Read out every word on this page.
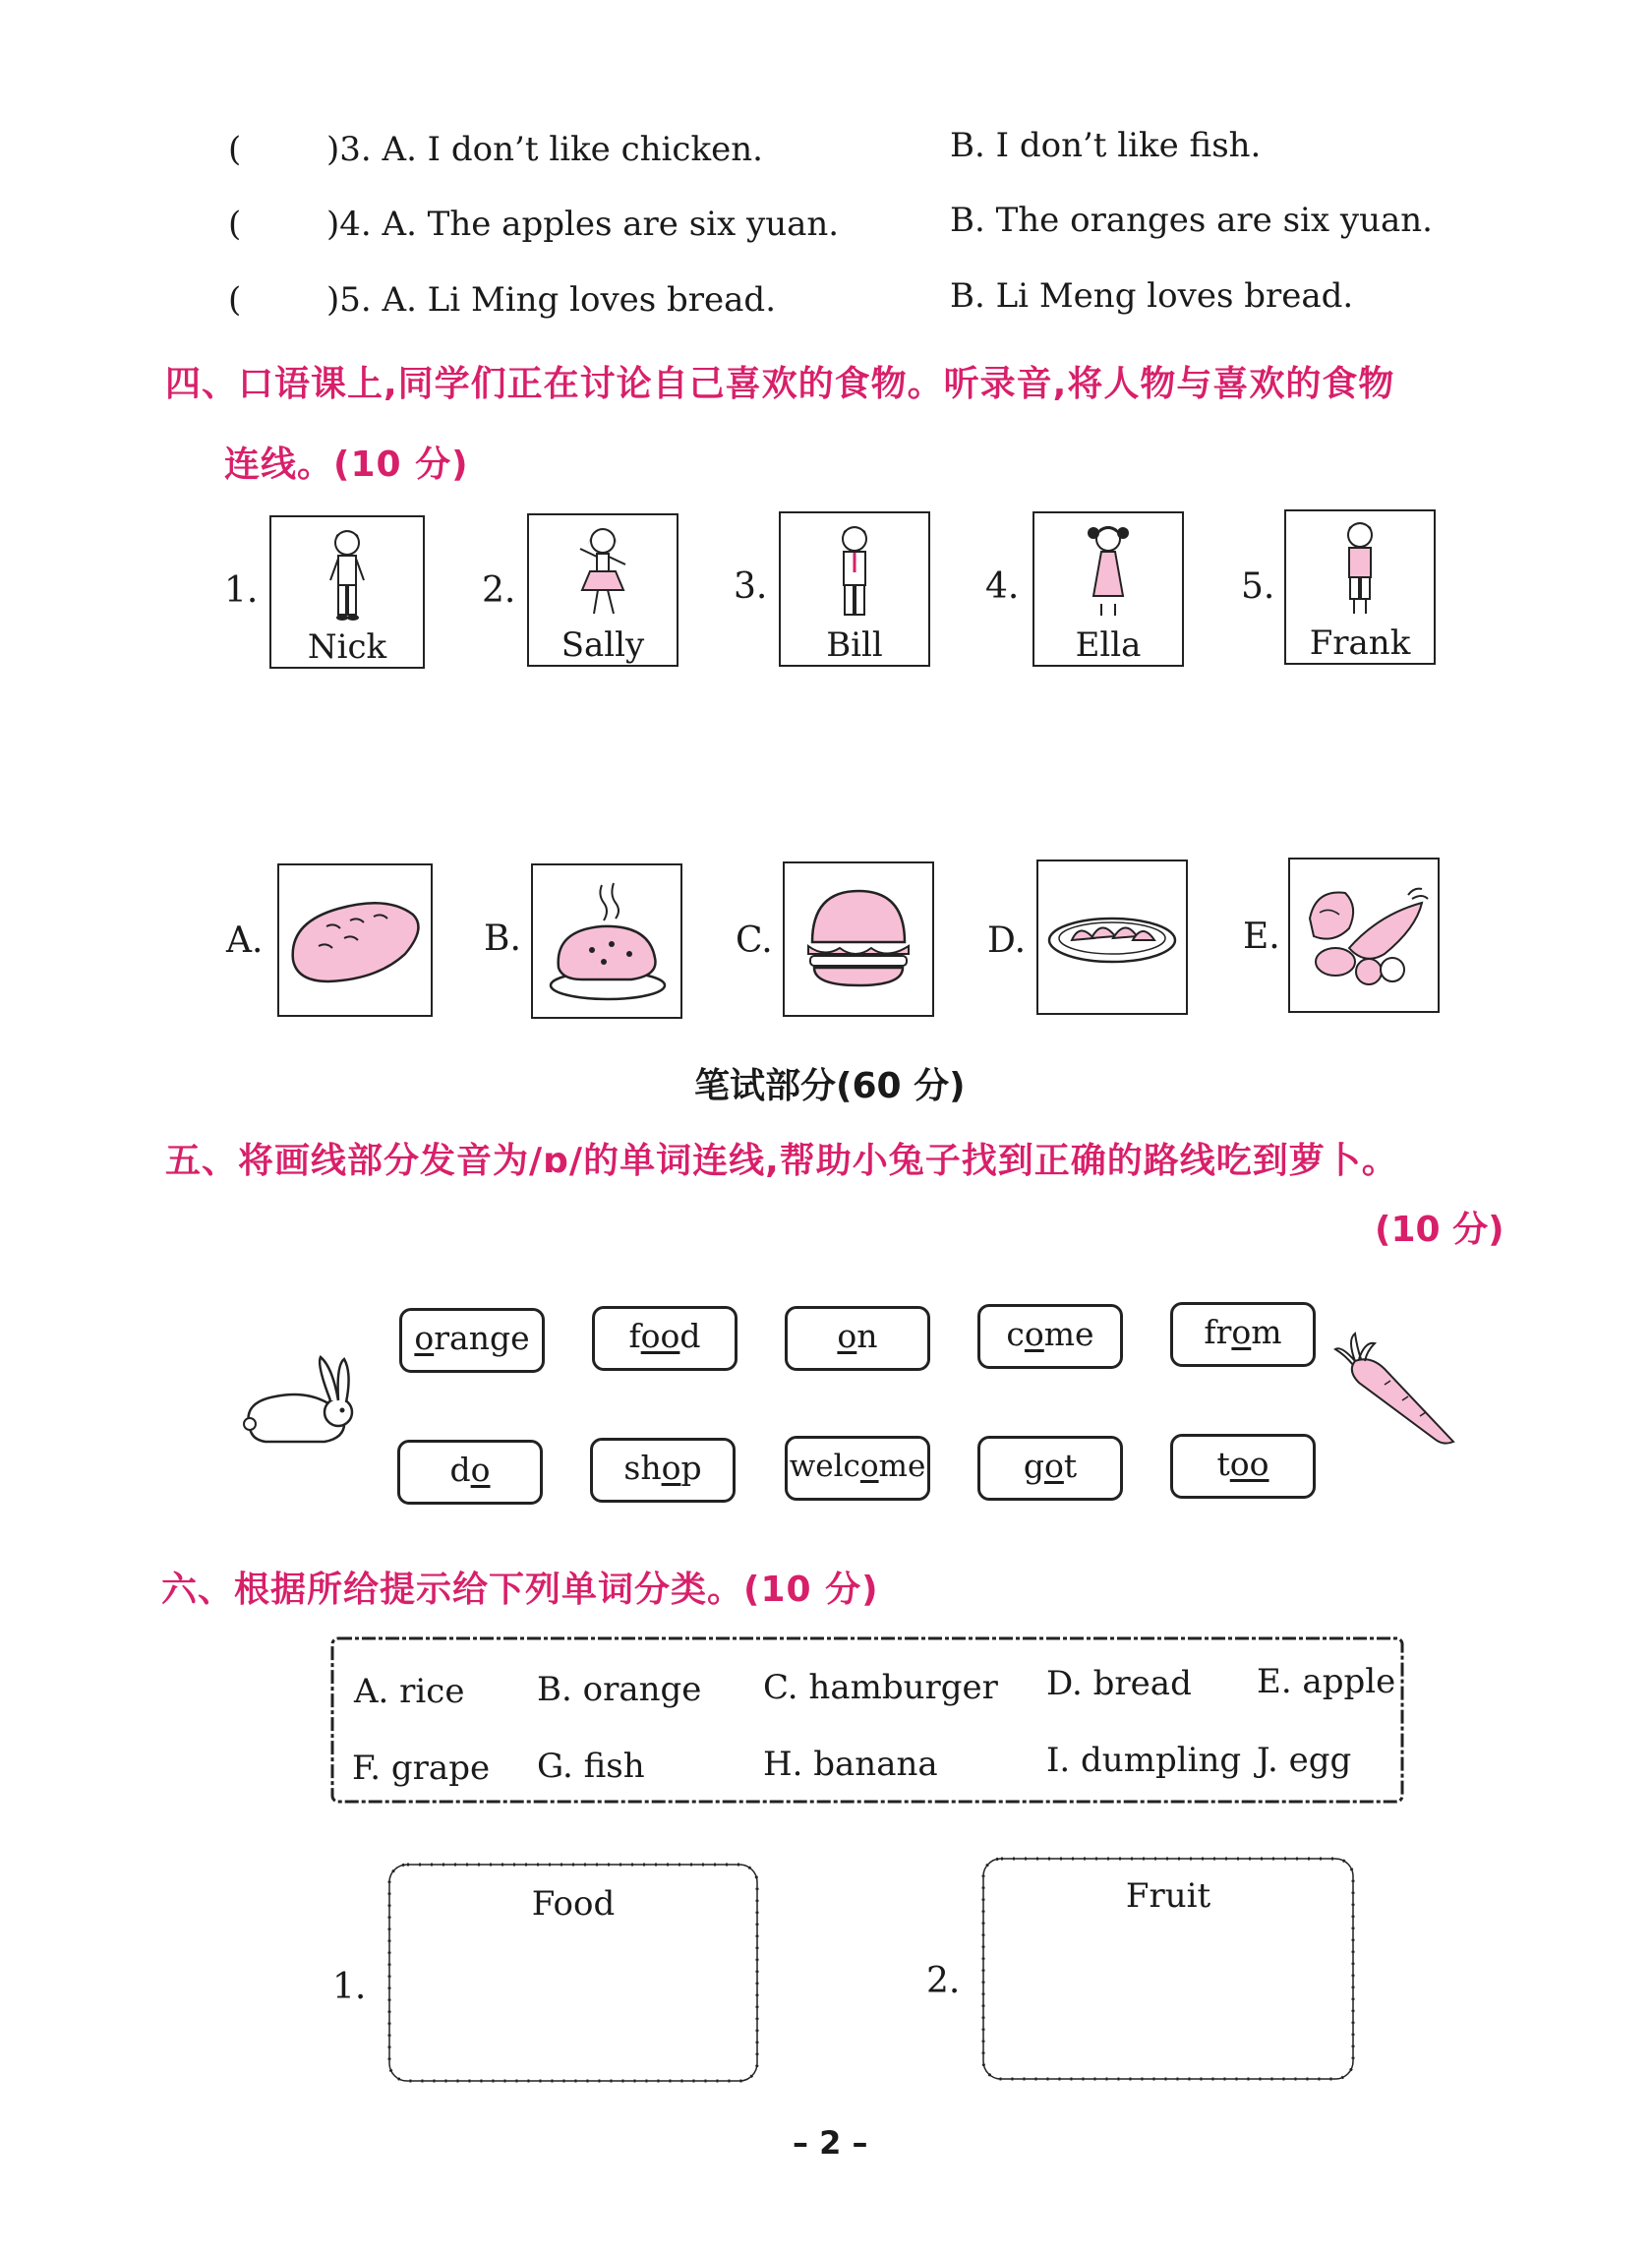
(	)3. A. I don’t like chicken.	B. I don’t like fish.
(	)4. A. The apples are six yuan.	B. The oranges are six yuan.
(	)5. A. Li Ming loves bread.	B. Li Meng loves bread.
四、口语课上,同学们正在讨论自己喜欢的食物。听录音,将人物与喜欢的食物
连线。(10 分)
1.
Nick
2.
Sally
3.
Bill
4.
Ella
5.
Frank
A.	B.	C.	D.	E.
笔试部分(60 分)
五、将画线部分发音为/ɒ/的单词连线,帮助小兔子找到正确的路线吃到萝卜。
(10 分)
orange	food	on	come	from
do	shop	welcome	got	too
六、根据所给提示给下列单词分类。(10 分)
A. rice B. orange C. hamburger D. bread E. apple
F. grape G. fish	H. banana	I. dumpling J. egg
1.
Food
2.
Fruit
– 2 –
